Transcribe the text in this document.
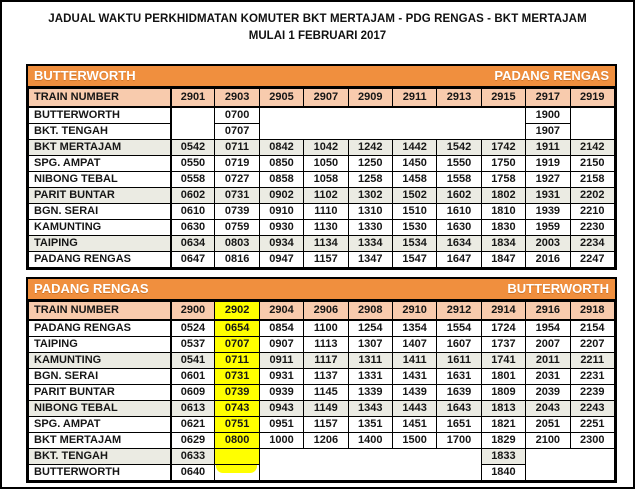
JADUAL WAKTU PERKHIDMATAN KOMUTER BKT MERTAJAM - PDG RENGAS - BKT MERTAJAM
MULAI 1 FEBRUARI 2017
BUTTERWORTH	PADANG RENGAS
TRAIN NUMBER	2901	2903	2905	2907	2909	2911	2913	2915	2917	2919
BUTTERWORTH		0700							1900	
BKT. TENGAH		0707							1907	
BKT MERTAJAM	0542	0711	0842	1042	1242	1442	1542	1742	1911	2142
SPG. AMPAT	0550	0719	0850	1050	1250	1450	1550	1750	1919	2150
NIBONG TEBAL	0558	0727	0858	1058	1258	1458	1558	1758	1927	2158
PARIT BUNTAR	0602	0731	0902	1102	1302	1502	1602	1802	1931	2202
BGN. SERAI	0610	0739	0910	1110	1310	1510	1610	1810	1939	2210
KAMUNTING	0630	0759	0930	1130	1330	1530	1630	1830	1959	2230
TAIPING	0634	0803	0934	1134	1334	1534	1634	1834	2003	2234
PADANG RENGAS	0647	0816	0947	1157	1347	1547	1647	1847	2016	2247
PADANG RENGAS	BUTTERWORTH
TRAIN NUMBER	2900	2902	2904	2906	2908	2910	2912	2914	2916	2918
PADANG RENGAS	0524	0654	0854	1100	1254	1354	1554	1724	1954	2154
TAIPING	0537	0707	0907	1113	1307	1407	1607	1737	2007	2207
KAMUNTING	0541	0711	0911	1117	1311	1411	1611	1741	2011	2211
BGN. SERAI	0601	0731	0931	1137	1331	1431	1631	1801	2031	2231
PARIT BUNTAR	0609	0739	0939	1145	1339	1439	1639	1809	2039	2239
NIBONG TEBAL	0613	0743	0943	1149	1343	1443	1643	1813	2043	2243
SPG. AMPAT	0621	0751	0951	1157	1351	1451	1651	1821	2051	2251
BKT MERTAJAM	0629	0800	1000	1206	1400	1500	1700	1829	2100	2300
BKT. TENGAH	0633							1833		
BUTTERWORTH	0640							1840		
